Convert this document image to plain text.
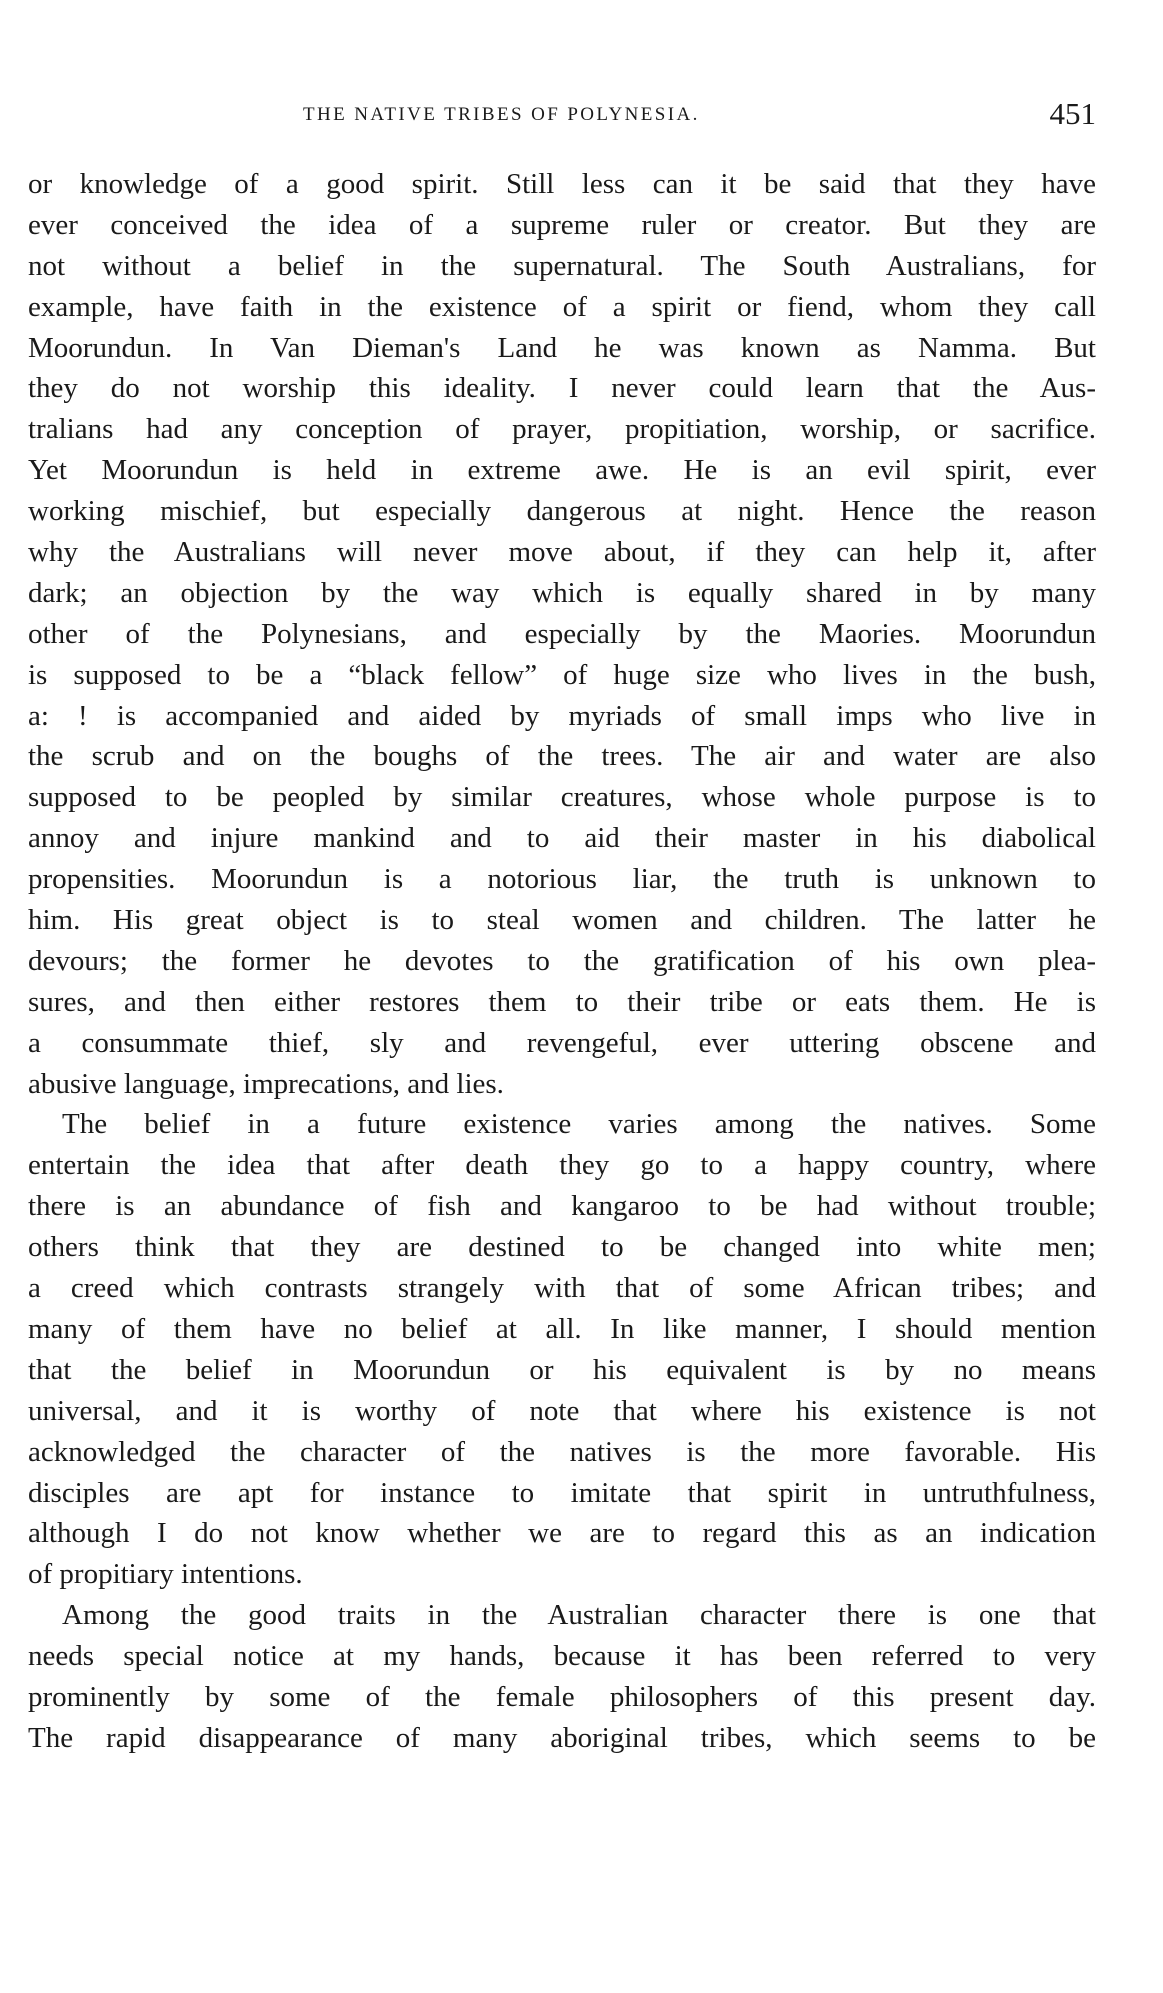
THE NATIVE TRIBES OF POLYNESIA.	451
or knowledge of a good spirit. Still less can it be said that they have
ever conceived the idea of a supreme ruler or creator. But they are
not without a belief in the supernatural. The South Australians, for
example, have faith in the existence of a spirit or fiend, whom they call
Moorundun. In Van Dieman's Land he was known as Namma. But
they do not worship this ideality. I never could learn that the Aus-
tralians had any conception of prayer, propitiation, worship, or sacrifice.
Yet Moorundun is held in extreme awe. He is an evil spirit, ever
working mischief, but especially dangerous at night. Hence the reason
why the Australians will never move about, if they can help it, after
dark; an objection by the way which is equally shared in by many
other of the Polynesians, and especially by the Maories. Moorundun
is supposed to be a “black fellow” of huge size who lives in the bush,
a: ! is accompanied and aided by myriads of small imps who live in
the scrub and on the boughs of the trees. The air and water are also
supposed to be peopled by similar creatures, whose whole purpose is to
annoy and injure mankind and to aid their master in his diabolical
propensities. Moorundun is a notorious liar, the truth is unknown to
him. His great object is to steal women and children. The latter he
devours; the former he devotes to the gratification of his own plea-
sures, and then either restores them to their tribe or eats them. He is
a consummate thief, sly and revengeful, ever uttering obscene and
abusive language, imprecations, and lies.
The belief in a future existence varies among the natives. Some
entertain the idea that after death they go to a happy country, where
there is an abundance of fish and kangaroo to be had without trouble;
others think that they are destined to be changed into white men;
a creed which contrasts strangely with that of some African tribes; and
many of them have no belief at all. In like manner, I should mention
that the belief in Moorundun or his equivalent is by no means
universal, and it is worthy of note that where his existence is not
acknowledged the character of the natives is the more favorable. His
disciples are apt for instance to imitate that spirit in untruthfulness,
although I do not know whether we are to regard this as an indication
of propitiary intentions.
Among the good traits in the Australian character there is one that
needs special notice at my hands, because it has been referred to very
prominently by some of the female philosophers of this present day.
The rapid disappearance of many aboriginal tribes, which seems to be
